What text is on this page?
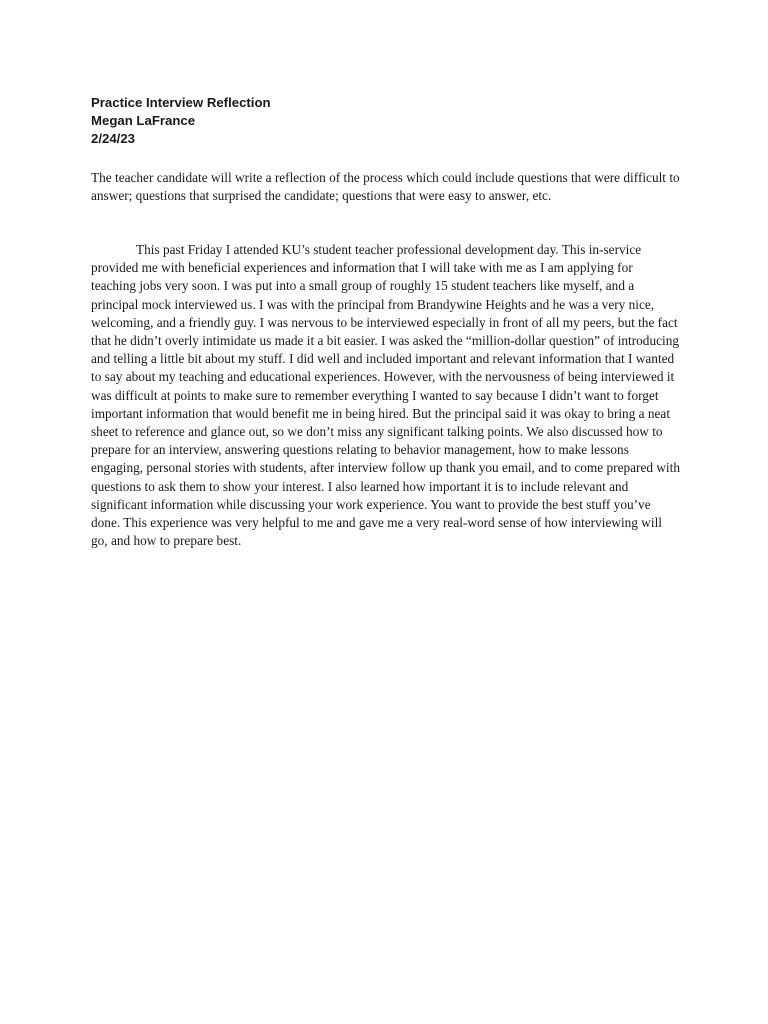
Practice Interview Reflection
Megan LaFrance
2/24/23

The teacher candidate will write a reflection of the process which could include questions that were difficult to answer; questions that surprised the candidate; questions that were easy to answer, etc.

This past Friday I attended KU’s student teacher professional development day. This in-service provided me with beneficial experiences and information that I will take with me as I am applying for teaching jobs very soon. I was put into a small group of roughly 15 student teachers like myself, and a principal mock interviewed us. I was with the principal from Brandywine Heights and he was a very nice, welcoming, and a friendly guy. I was nervous to be interviewed especially in front of all my peers, but the fact that he didn’t overly intimidate us made it a bit easier. I was asked the “million-dollar question” of introducing and telling a little bit about my stuff. I did well and included important and relevant information that I wanted to say about my teaching and educational experiences. However, with the nervousness of being interviewed it was difficult at points to make sure to remember everything I wanted to say because I didn’t want to forget important information that would benefit me in being hired. But the principal said it was okay to bring a neat sheet to reference and glance out, so we don’t miss any significant talking points. We also discussed how to prepare for an interview, answering questions relating to behavior management, how to make lessons engaging, personal stories with students, after interview follow up thank you email, and to come prepared with questions to ask them to show your interest. I also learned how important it is to include relevant and significant information while discussing your work experience. You want to provide the best stuff you’ve done. This experience was very helpful to me and gave me a very real-word sense of how interviewing will go, and how to prepare best.
